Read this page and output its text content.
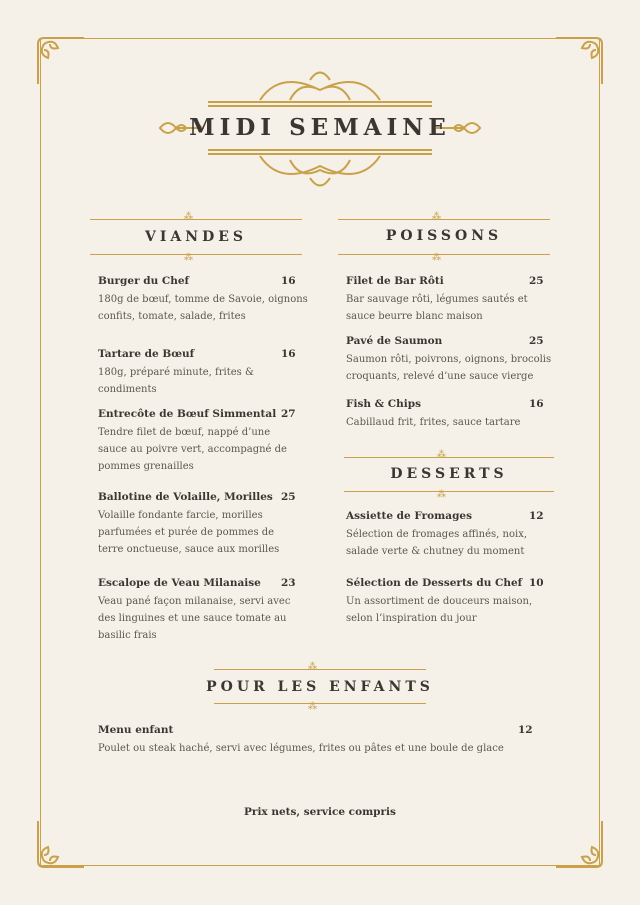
MIDI SEMAINE
⁂
⁂
VIANDES
⁂
⁂
POISSONS
Burger du Chef	16
180g de bœuf, tomme de Savoie, oignons confits, tomate, salade, frites
Tartare de Bœuf	16
180g, préparé minute, frites & condiments
Entrecôte de Bœuf Simmental 27
Tendre filet de bœuf, nappé d’une sauce au poivre vert, accompagné de pommes grenailles
Ballotine de Volaille, Morilles 25
Volaille fondante farcie, morilles parfumées et purée de pommes de terre onctueuse, sauce aux morilles
Escalope de Veau Milanaise 23
Veau pané façon milanaise, servi avec des linguines et une sauce tomate au basilic frais
Filet de Bar Rôti	25
Bar sauvage rôti, légumes sautés et sauce beurre blanc maison
Pavé de Saumon	25
Saumon rôti, poivrons, oignons, brocolis croquants, relevé d’une sauce vierge
Fish & Chips	16
Cabillaud frit, frites, sauce tartare
⁂
⁂
DESSERTS
Assiette de Fromages	12
Sélection de fromages affinés, noix, salade verte & chutney du moment
Sélection de Desserts du Chef 10
Un assortiment de douceurs maison, selon l’inspiration du jour
⁂
⁂
POUR LES ENFANTS
Menu enfant	12
Poulet ou steak haché, servi avec légumes, frites ou pâtes et une boule de glace
Prix nets, service compris
